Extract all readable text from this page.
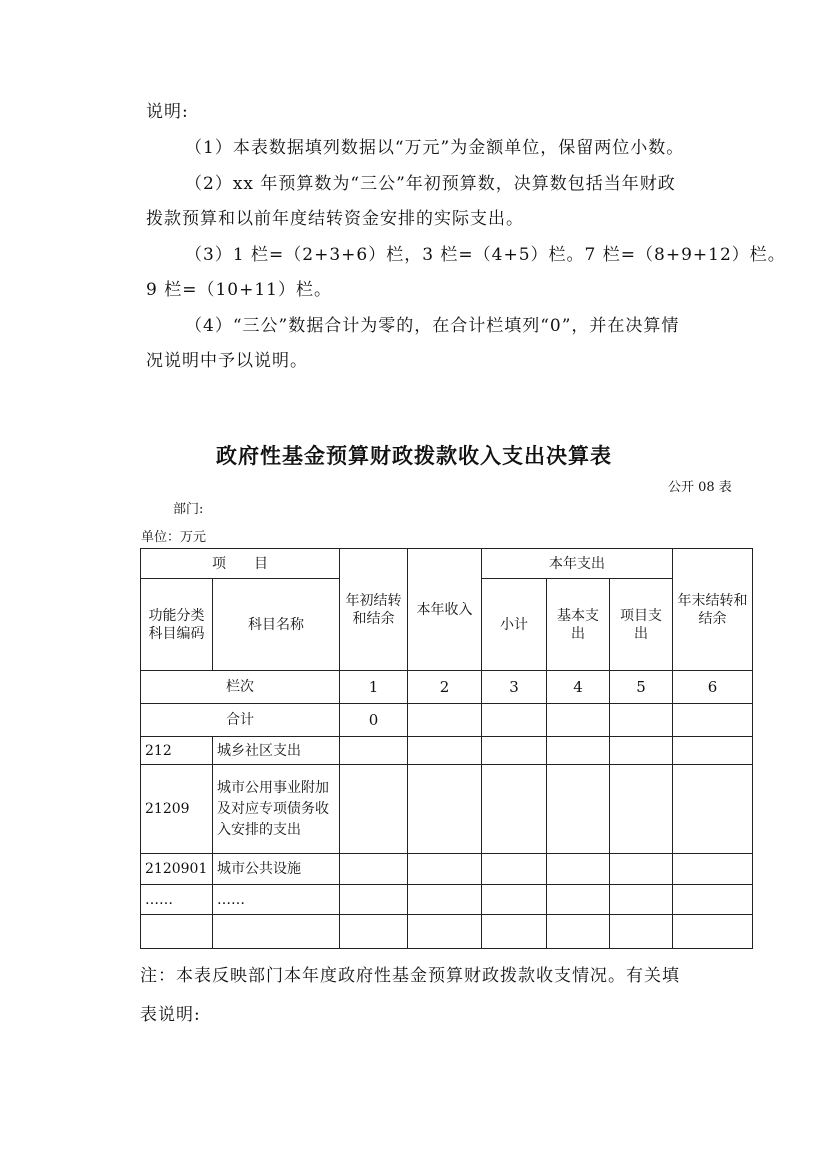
说明:
（1）本表数据填列数据以“万元”为金额单位，保留两位小数。
（2）xx 年预算数为“三公”年初预算数，决算数包括当年财政
拨款预算和以前年度结转资金安排的实际支出。
（3）1 栏=（2+3+6）栏，3 栏=（4+5）栏。7 栏=（8+9+12）栏。
9 栏=（10+11）栏。
（4）“三公”数据合计为零的，在合计栏填列“0”，并在决算情
况说明中予以说明。
政府性基金预算财政拨款收入支出决算表
公开 08 表
部门:
单位：万元
项　　目		年初结转和结余	本年收入	本年支出			年末结转和结余
功能分类科目编码	科目名称			小计	基本支出	项目支出	
栏次		1	2	3	4	5	6
合计		0					
212	城乡社区支出						
21209	城市公用事业附加及对应专项债务收入安排的支出						
2120901	城市公共设施						
……	……						

注：本表反映部门本年度政府性基金预算财政拨款收支情况。有关填
表说明:
